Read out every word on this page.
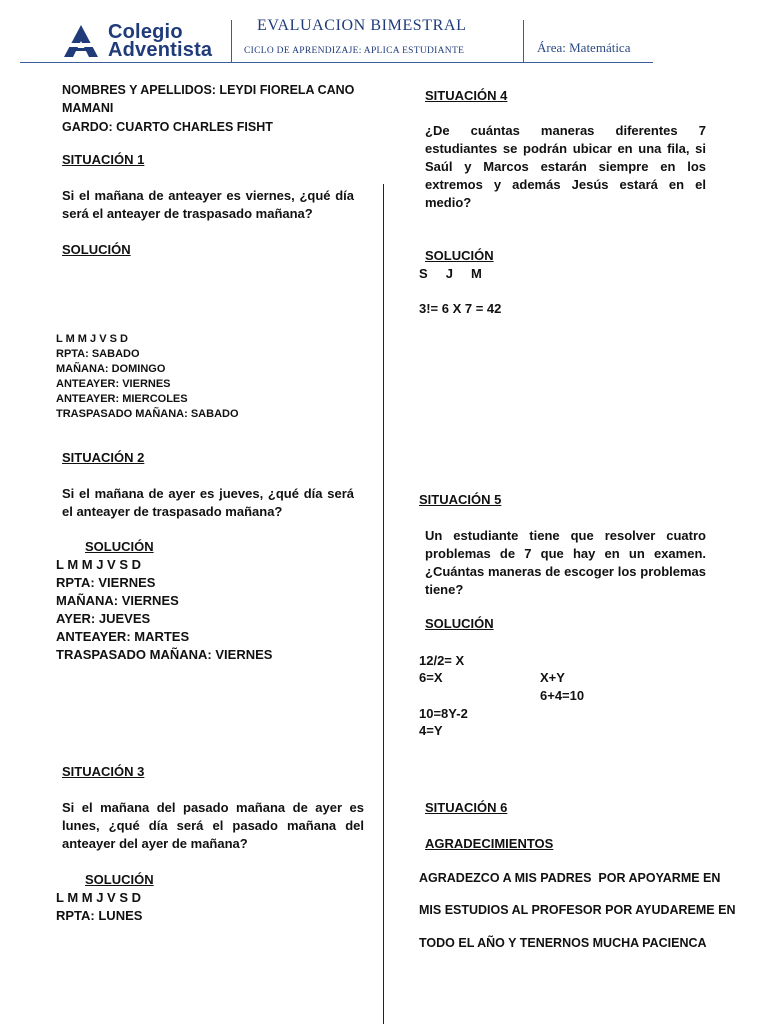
Colegio
Adventista
EVALUACION BIMESTRAL
CICLO DE APRENDIZAJE: APLICA ESTUDIANTE	Área: Matemática
NOMBRES Y APELLIDOS: LEYDI FIORELA CANO MAMANI
GARDO: CUARTO CHARLES FISHT
SITUACIÓN 1
Si el mañana de anteayer es viernes, ¿qué día será el anteayer de traspasado mañana?
SOLUCIÓN
L M M J V S D
RPTA: SABADO
MAÑANA: DOMINGO
ANTEAYER: VIERNES
ANTEAYER: MIERCOLES
TRASPASADO MAÑANA: SABADO
SITUACIÓN 2
Si el mañana de ayer es jueves, ¿qué día será el anteayer de traspasado mañana?
SOLUCIÓN
L M M J V S D
RPTA: VIERNES
MAÑANA: VIERNES
AYER: JUEVES
ANTEAYER: MARTES
TRASPASADO MAÑANA: VIERNES
SITUACIÓN 3
Si el mañana del pasado mañana de ayer es lunes, ¿qué día será el pasado mañana del anteayer del ayer de mañana?
SOLUCIÓN
L M M J V S D
RPTA: LUNES
SITUACIÓN 4
¿De cuántas maneras diferentes 7 estudiantes se podrán ubicar en una fila, si Saúl y Marcos estarán siempre en los extremos y además Jesús estará en el medio?
SOLUCIÓN
S     J     M
3!= 6 X 7 = 42
SITUACIÓN 5
Un estudiante tiene que resolver cuatro problemas de 7 que hay en un examen. ¿Cuántas maneras de escoger los problemas tiene?
SOLUCIÓN
12/2= X
6=X	X+Y
6+4=10
10=8Y-2
4=Y
SITUACIÓN 6
AGRADECIMIENTOS
AGRADEZCO A MIS PADRES  POR APOYARME EN
MIS ESTUDIOS AL PROFESOR POR AYUDAREME EN
TODO EL AÑO Y TENERNOS MUCHA PACIENCA
